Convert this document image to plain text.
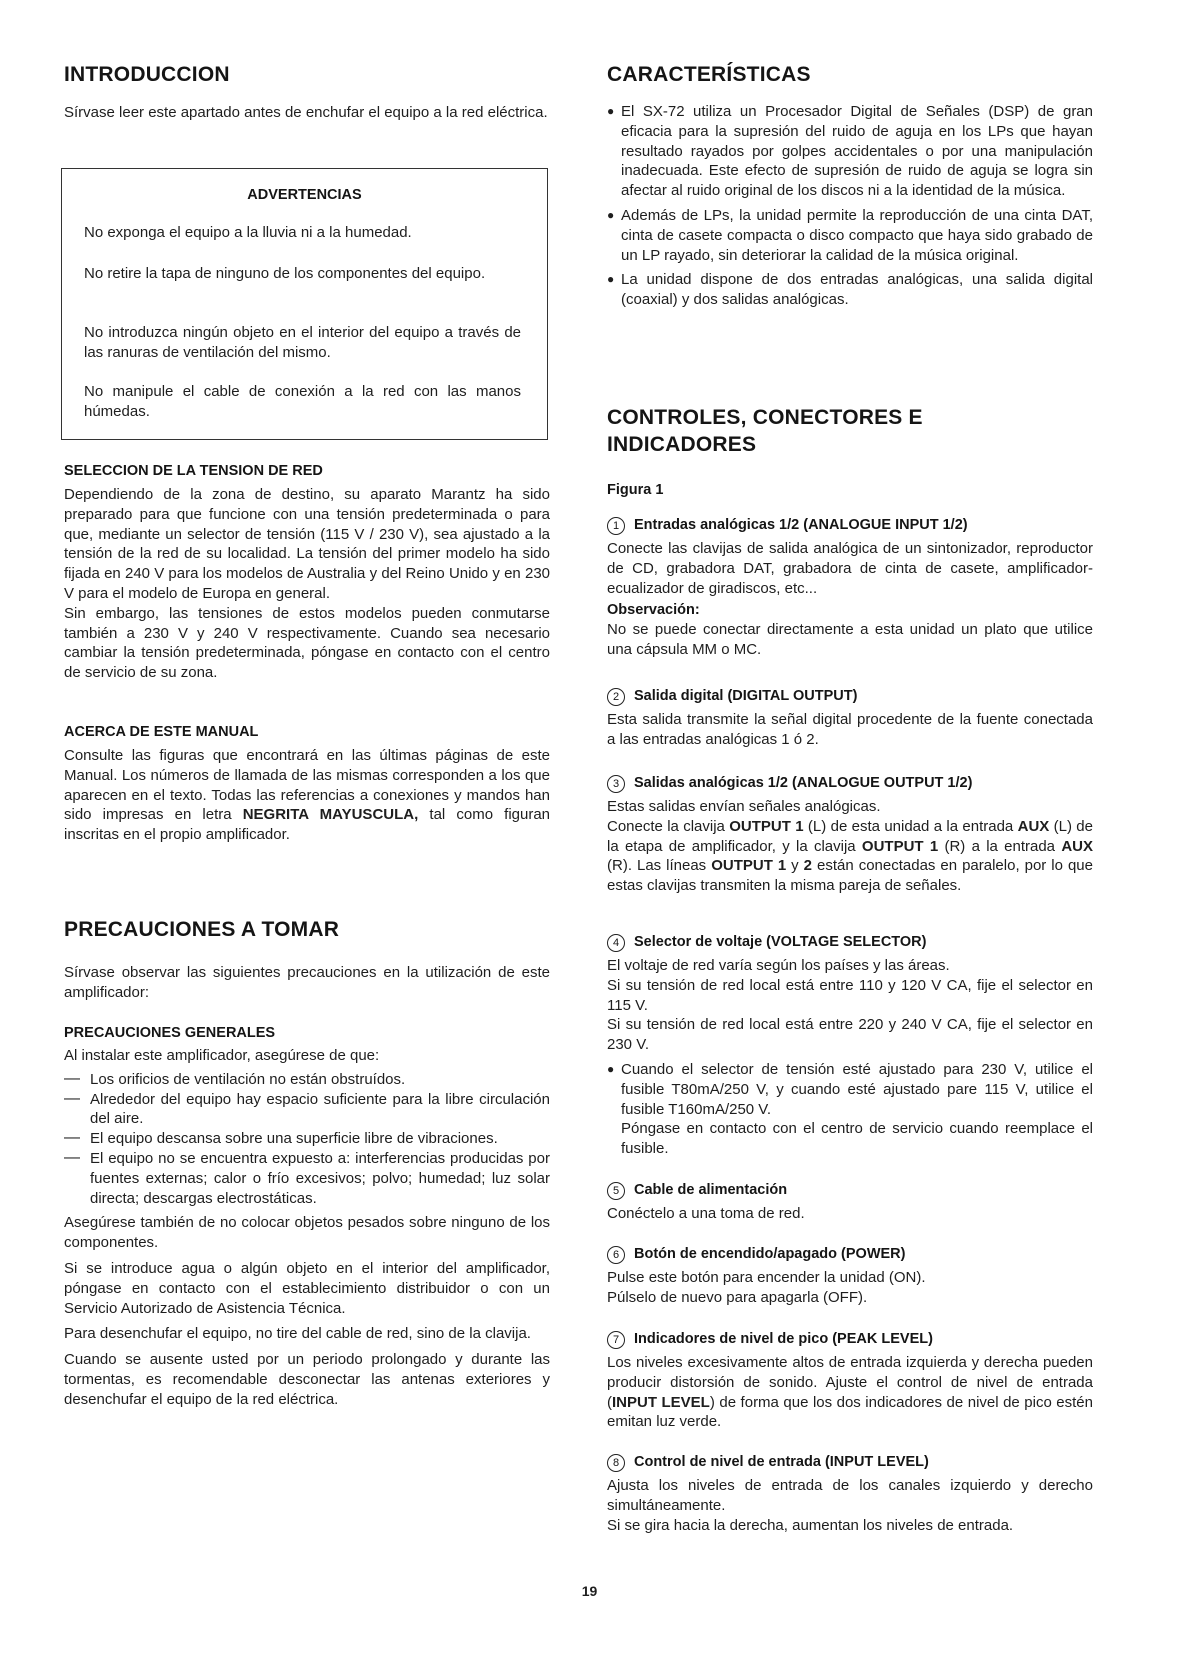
INTRODUCCION

Sírvase leer este apartado antes de enchufar el equipo a la red eléctrica.

ADVERTENCIAS

No exponga el equipo a la lluvia ni a la humedad.

No retire la tapa de ninguno de los componentes del equipo.

No introduzca ningún objeto en el interior del equipo a través de las ranuras de ventilación del mismo.

No manipule el cable de conexión a la red con las manos húmedas.

SELECCION DE LA TENSION DE RED

Dependiendo de la zona de destino, su aparato Marantz ha sido preparado para que funcione con una tensión predeterminada o para que, mediante un selector de tensión (115 V / 230 V), sea ajustado a la tensión de la red de su localidad. La tensión del primer modelo ha sido fijada en 240 V para los modelos de Australia y del Reino Unido y en 230 V para el modelo de Europa en general.

Sin embargo, las tensiones de estos modelos pueden conmutarse también a 230 V y 240 V respectivamente. Cuando sea necesario cambiar la tensión predeterminada, póngase en contacto con el centro de servicio de su zona.

ACERCA DE ESTE MANUAL

Consulte las figuras que encontrará en las últimas páginas de este Manual. Los números de llamada de las mismas corresponden a los que aparecen en el texto. Todas las referencias a conexiones y mandos han sido impresas en letra NEGRITA MAYUSCULA, tal como figuran inscritas en el propio amplificador.

PRECAUCIONES A TOMAR

Sírvase observar las siguientes precauciones en la utilización de este amplificador:

PRECAUCIONES GENERALES

Al instalar este amplificador, asegúrese de que:

— Los orificios de ventilación no están obstruídos.

— Alrededor del equipo hay espacio suficiente para la libre circulación del aire.

— El equipo descansa sobre una superficie libre de vibraciones.

— El equipo no se encuentra expuesto a: interferencias producidas por fuentes externas; calor o frío excesivos; polvo; humedad; luz solar directa; descargas electrostáticas.

Asegúrese también de no colocar objetos pesados sobre ninguno de los componentes.

Si se introduce agua o algún objeto en el interior del amplificador, póngase en contacto con el establecimiento distribuidor o con un Servicio Autorizado de Asistencia Técnica.

Para desenchufar el equipo, no tire del cable de red, sino de la clavija.

Cuando se ausente usted por un periodo prolongado y durante las tormentas, es recomendable desconectar las antenas exteriores y desenchufar el equipo de la red eléctrica.

CARACTERÍSTICAS
● El SX-72 utiliza un Procesador Digital de Señales (DSP) de gran eficacia para la supresión del ruido de aguja en los LPs que hayan resultado rayados por golpes accidentales o por una manipulación inadecuada. Este efecto de supresión de ruido de aguja se logra sin afectar al ruido original de los discos ni a la identidad de la música.

● Además de LPs, la unidad permite la reproducción de una cinta DAT, cinta de casete compacta o disco compacto que haya sido grabado de un LP rayado, sin deteriorar la calidad de la música original.

● La unidad dispone de dos entradas analógicas, una salida digital (coaxial) y dos salidas analógicas.

CONTROLES, CONECTORES E INDICADORES
Figura 1
1	Entradas analógicas 1/2 (ANALOGUE INPUT 1/2)

Conecte las clavijas de salida analógica de un sintonizador, reproductor de CD, grabadora DAT, grabadora de cinta de casete, amplificador-ecualizador de giradiscos, etc...

Observación:

No se puede conectar directamente a esta unidad un plato que utilice una cápsula MM o MC.

2	Salida digital (DIGITAL OUTPUT)

Esta salida transmite la señal digital procedente de la fuente conectada a las entradas analógicas 1 ó 2.

3	Salidas analógicas 1/2 (ANALOGUE OUTPUT 1/2)

Estas salidas envían señales analógicas.

Conecte la clavija OUTPUT 1 (L) de esta unidad a la entrada AUX (L) de la etapa de amplificador, y la clavija OUTPUT 1 (R) a la entrada AUX (R). Las líneas OUTPUT 1 y 2 están conectadas en paralelo, por lo que estas clavijas transmiten la misma pareja de señales.

4	Selector de voltaje (VOLTAGE SELECTOR)

El voltaje de red varía según los países y las áreas.

Si su tensión de red local está entre 110 y 120 V CA, fije el selector en 115 V.

Si su tensión de red local está entre 220 y 240 V CA, fije el selector en 230 V.

● Cuando el selector de tensión esté ajustado para 230 V, utilice el fusible T80mA/250 V, y cuando esté ajustado pare 115 V, utilice el fusible T160mA/250 V.

Póngase en contacto con el centro de servicio cuando reemplace el fusible.

5	Cable de alimentación

Conéctelo a una toma de red.

6	Botón de encendido/apagado (POWER)

Pulse este botón para encender la unidad (ON).

Púlselo de nuevo para apagarla (OFF).

7	Indicadores de nivel de pico (PEAK LEVEL)

Los niveles excesivamente altos de entrada izquierda y derecha pueden producir distorsión de sonido. Ajuste el control de nivel de entrada (INPUT LEVEL) de forma que los dos indicadores de nivel de pico estén emitan luz verde.

8	Control de nivel de entrada (INPUT LEVEL)

Ajusta los niveles de entrada de los canales izquierdo y derecho simultáneamente.

Si se gira hacia la derecha, aumentan los niveles de entrada.

19
